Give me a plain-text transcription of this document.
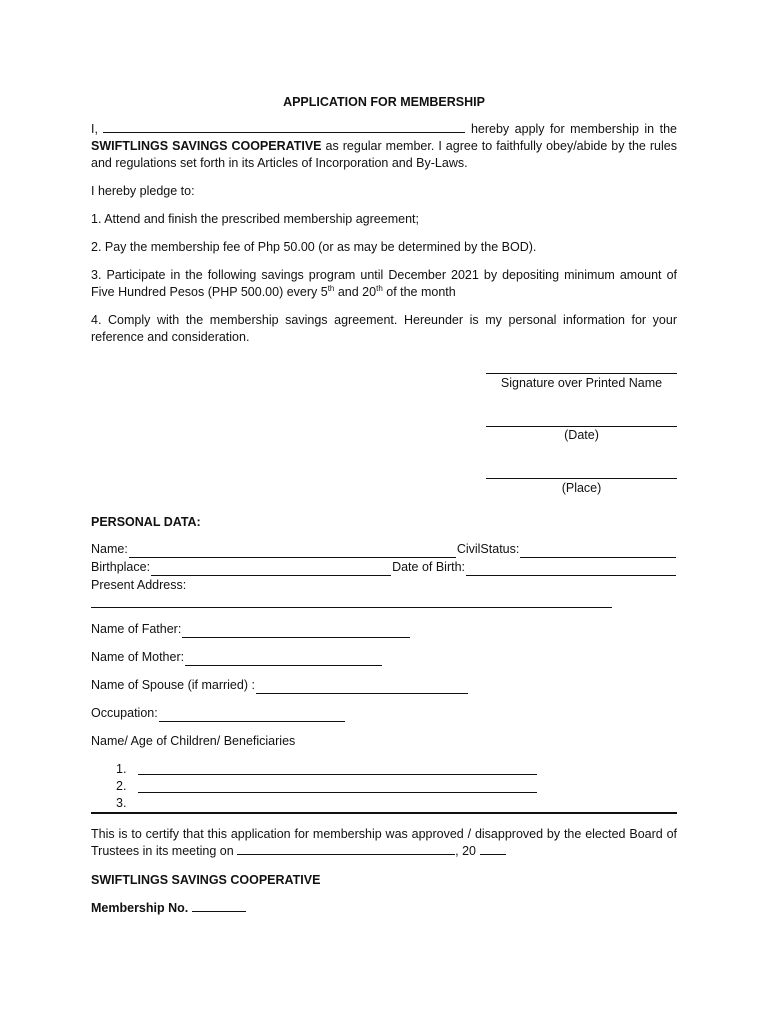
APPLICATION FOR MEMBERSHIP
I,	hereby apply for membership in the SWIFTLINGS SAVINGS COOPERATIVE as regular member. I agree to faithfully obey/abide by the rules and regulations set forth in its Articles of Incorporation and By-Laws.
I hereby pledge to:
1. Attend and finish the prescribed membership agreement;
2. Pay the membership fee of Php 50.00 (or as may be determined by the BOD).
3. Participate in the following savings program until December 2021 by depositing minimum amount of Five Hundred Pesos (PHP 500.00) every 5th and 20th of the month
4. Comply with the membership savings agreement. Hereunder is my personal information for your reference and consideration.
Signature over Printed Name
(Date)
(Place)
PERSONAL DATA:
Name:	CivilStatus:
Birthplace:	Date of Birth:
Present Address:
Name of Father:
Name of Mother:
Name of Spouse (if married) :
Occupation:
Name/ Age of Children/ Beneficiaries
1.
2.
3.
This is to certify that this application for membership was approved / disapproved by the elected Board of Trustees in its meeting on	, 20
SWIFTLINGS SAVINGS COOPERATIVE
Membership No.
